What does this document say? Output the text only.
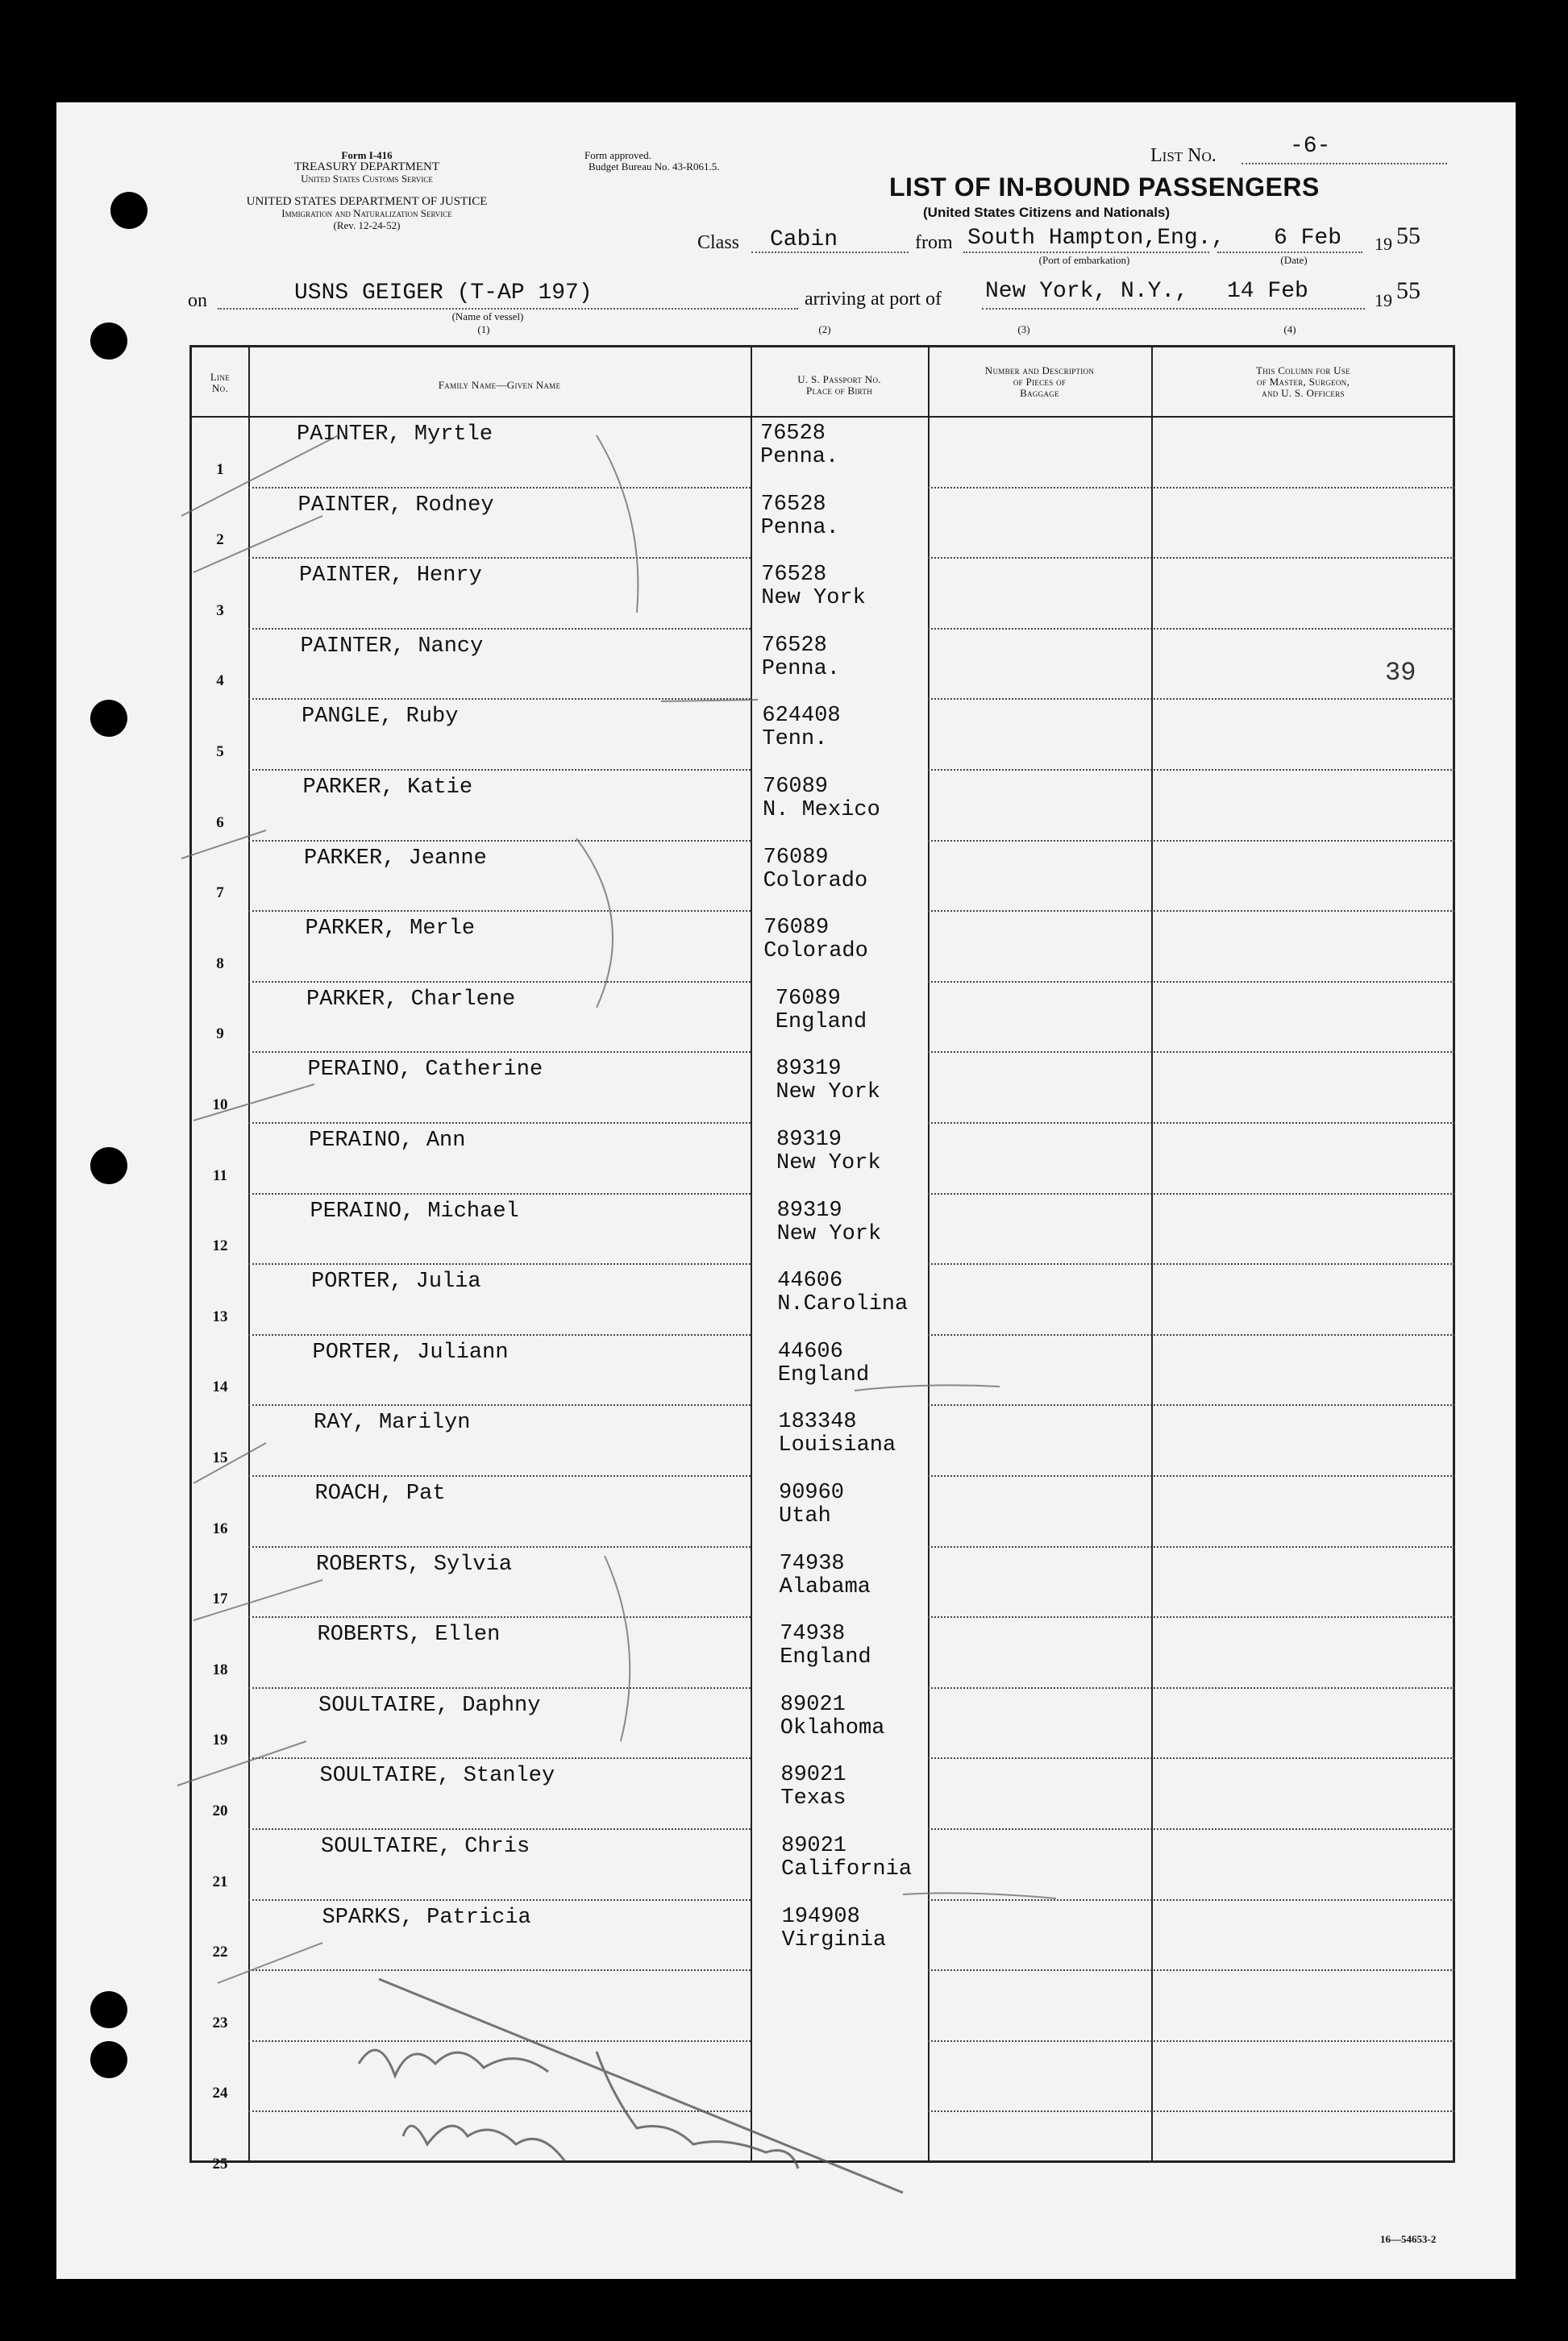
Form I-416
TREASURY DEPARTMENT
United States Customs Service
UNITED STATES DEPARTMENT OF JUSTICE
Immigration and Naturalization Service
(Rev. 12-24-52)
Form approved.
Budget Bureau No. 43-R061.5.
List No.	-6-
LIST OF IN-BOUND PASSENGERS
(United States Citizens and Nationals)
Class Cabin	from South Hampton,Eng.,
(Port of embarkation)
6 Feb
(Date)
19 55
on	USNS GEIGER (T-AP 197)
(Name of vessel)
(1)
arriving at port of New York, N.Y., 14 Feb	19 55
(2)	(3)	(4)
Line No.	Family Name—Given Name	U. S. Passport No.
Place of Birth
Number and Description
of Pieces of
Baggage
This Column for Use
of Master, Surgeon,
and U. S. Officers
1
PAINTER, Myrtle	76528
Penna.
2
PAINTER, Rodney	76528
Penna.
3
PAINTER, Henry	76528
New York
4
PAINTER, Nancy	76528
Penna.
5
PANGLE, Ruby	624408
Tenn.
6
PARKER, Katie	76089
N. Mexico
7
PARKER, Jeanne	76089
Colorado
8
PARKER, Merle	76089
Colorado
9
PARKER, Charlene	76089
England
10
PERAINO, Catherine	89319
New York
11
PERAINO, Ann	89319
New York
12
PERAINO, Michael	89319
New York
13
PORTER, Julia	44606
N.Carolina
14
PORTER, Juliann	44606
England
15
RAY, Marilyn	183348
Louisiana
16
ROACH, Pat	90960
Utah
17
ROBERTS, Sylvia	74938
Alabama
18
ROBERTS, Ellen	74938
England
19
SOULTAIRE, Daphny	89021
Oklahoma
20
SOULTAIRE, Stanley	89021
Texas
21
SOULTAIRE, Chris	89021
California
22
SPARKS, Patricia	194908
Virginia
23
24
25
39
16—54653-2
